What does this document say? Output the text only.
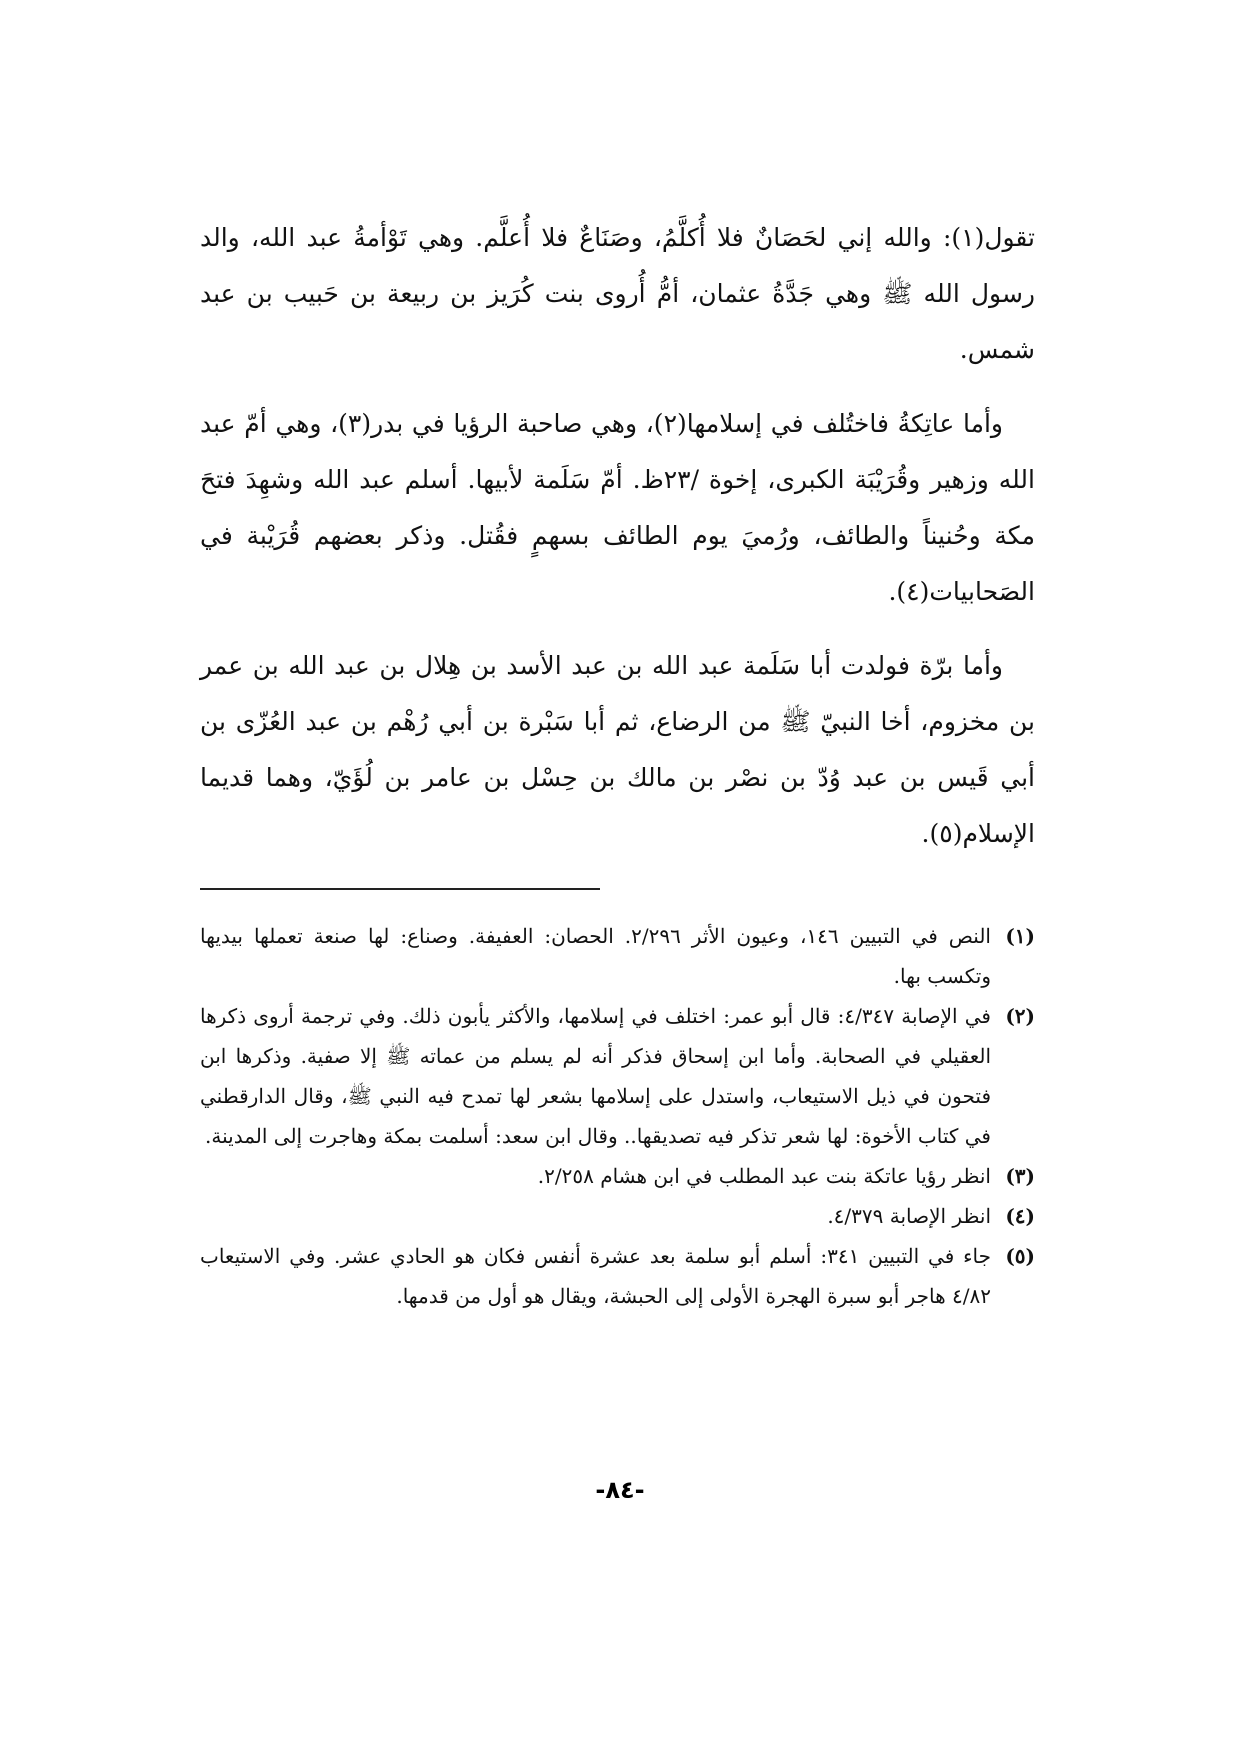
تقول(١): والله إني لحَصَانٌ فلا أُكلَّمُ، وصَنَاعٌ فلا أُعلَّم. وهي تَوْأمةُ عبد الله، والد رسول الله ﷺ وهي جَدَّةُ عثمان، أمُّ أُروى بنت كُرَيز بن ربيعة بن حَبيب بن عبد شمس.

وأما عاتِكةُ فاختُلف في إسلامها(٢)، وهي صاحبة الرؤيا في بدر(٣)، وهي أمّ عبد الله وزهير وقُرَيْبَة الكبرى، إخوة /٢٣ظ. أمّ سَلَمة لأبيها. أسلم عبد الله وشهِدَ فتحَ مكة وحُنيناً والطائف، ورُميَ يوم الطائف بسهمٍ فقُتل. وذكر بعضهم قُرَيْبة في الصَحابيات(٤).

وأما برّة فولدت أبا سَلَمة عبد الله بن عبد الأسد بن هِلال بن عبد الله بن عمر بن مخزوم، أخا النبيّ ﷺ من الرضاع، ثم أبا سَبْرة بن أبي رُهْم بن عبد العُزّى بن أبي قَيس بن عبد وُدّ بن نصْر بن مالك بن حِسْل بن عامر بن لُؤَيّ، وهما قديما الإسلام(٥).

(١)
النص في التبيين ١٤٦، وعيون الأثر ٢/٢٩٦. الحصان: العفيفة. وصناع: لها صنعة تعملها بيديها وتكسب بها.
(٢)
في الإصابة ٤/٣٤٧: قال أبو عمر: اختلف في إسلامها، والأكثر يأبون ذلك. وفي ترجمة أروى ذكرها العقيلي في الصحابة. وأما ابن إسحاق فذكر أنه لم يسلم من عماته ﷺ إلا صفية. وذكرها ابن فتحون في ذيل الاستيعاب، واستدل على إسلامها بشعر لها تمدح فيه النبي ﷺ، وقال الدارقطني في كتاب الأخوة: لها شعر تذكر فيه تصديقها.. وقال ابن سعد: أسلمت بمكة وهاجرت إلى المدينة.
(٣)
انظر رؤيا عاتكة بنت عبد المطلب في ابن هشام ٢/٢٥٨.
(٤)
انظر الإصابة ٤/٣٧٩.
(٥)
جاء في التبيين ٣٤١: أسلم أبو سلمة بعد عشرة أنفس فكان هو الحادي عشر. وفي الاستيعاب ٤/٨٢ هاجر أبو سبرة الهجرة الأولى إلى الحبشة، ويقال هو أول من قدمها.
-٨٤-
